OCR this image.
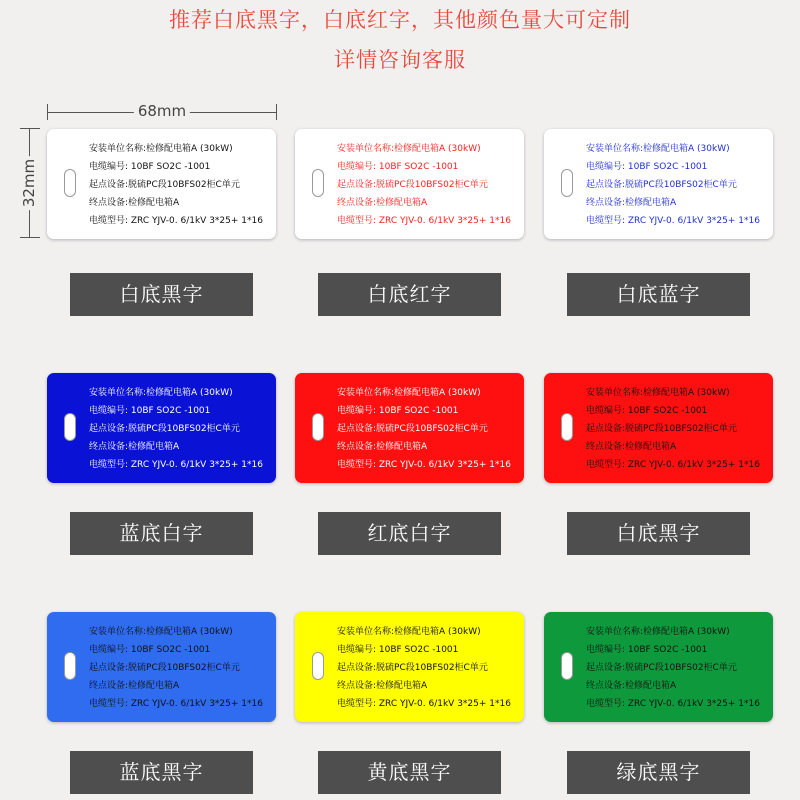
推荐白底黑字，白底红字，其他颜色量大可定制
详情咨询客服
68mm
32mm
安装单位名称:检修配电箱A (30kW)
电缆编号: 10BF SO2C -1001
起点设备:脱硫PC段10BFS02柜C单元
终点设备:检修配电箱A
电缆型号: ZRC YJV-0. 6/1kV 3*25+ 1*16
白底黑字
安装单位名称:检修配电箱A (30kW)
电缆编号: 10BF SO2C -1001
起点设备:脱硫PC段10BFS02柜C单元
终点设备:检修配电箱A
电缆型号: ZRC YJV-0. 6/1kV 3*25+ 1*16
白底红字
安装单位名称:检修配电箱A (30kW)
电缆编号: 10BF SO2C -1001
起点设备:脱硫PC段10BFS02柜C单元
终点设备:检修配电箱A
电缆型号: ZRC YJV-0. 6/1kV 3*25+ 1*16
白底蓝字
安装单位名称:检修配电箱A (30kW)
电缆编号: 10BF SO2C -1001
起点设备:脱硫PC段10BFS02柜C单元
终点设备:检修配电箱A
电缆型号: ZRC YJV-0. 6/1kV 3*25+ 1*16
蓝底白字
安装单位名称:检修配电箱A (30kW)
电缆编号: 10BF SO2C -1001
起点设备:脱硫PC段10BFS02柜C单元
终点设备:检修配电箱A
电缆型号: ZRC YJV-0. 6/1kV 3*25+ 1*16
红底白字
安装单位名称:检修配电箱A (30kW)
电缆编号: 10BF SO2C -1001
起点设备:脱硫PC段10BFS02柜C单元
终点设备:检修配电箱A
电缆型号: ZRC YJV-0. 6/1kV 3*25+ 1*16
白底黑字
安装单位名称:检修配电箱A (30kW)
电缆编号: 10BF SO2C -1001
起点设备:脱硫PC段10BFS02柜C单元
终点设备:检修配电箱A
电缆型号: ZRC YJV-0. 6/1kV 3*25+ 1*16
蓝底黑字
安装单位名称:检修配电箱A (30kW)
电缆编号: 10BF SO2C -1001
起点设备:脱硫PC段10BFS02柜C单元
终点设备:检修配电箱A
电缆型号: ZRC YJV-0. 6/1kV 3*25+ 1*16
黄底黑字
安装单位名称:检修配电箱A (30kW)
电缆编号: 10BF SO2C -1001
起点设备:脱硫PC段10BFS02柜C单元
终点设备:检修配电箱A
电缆型号: ZRC YJV-0. 6/1kV 3*25+ 1*16
绿底黑字
